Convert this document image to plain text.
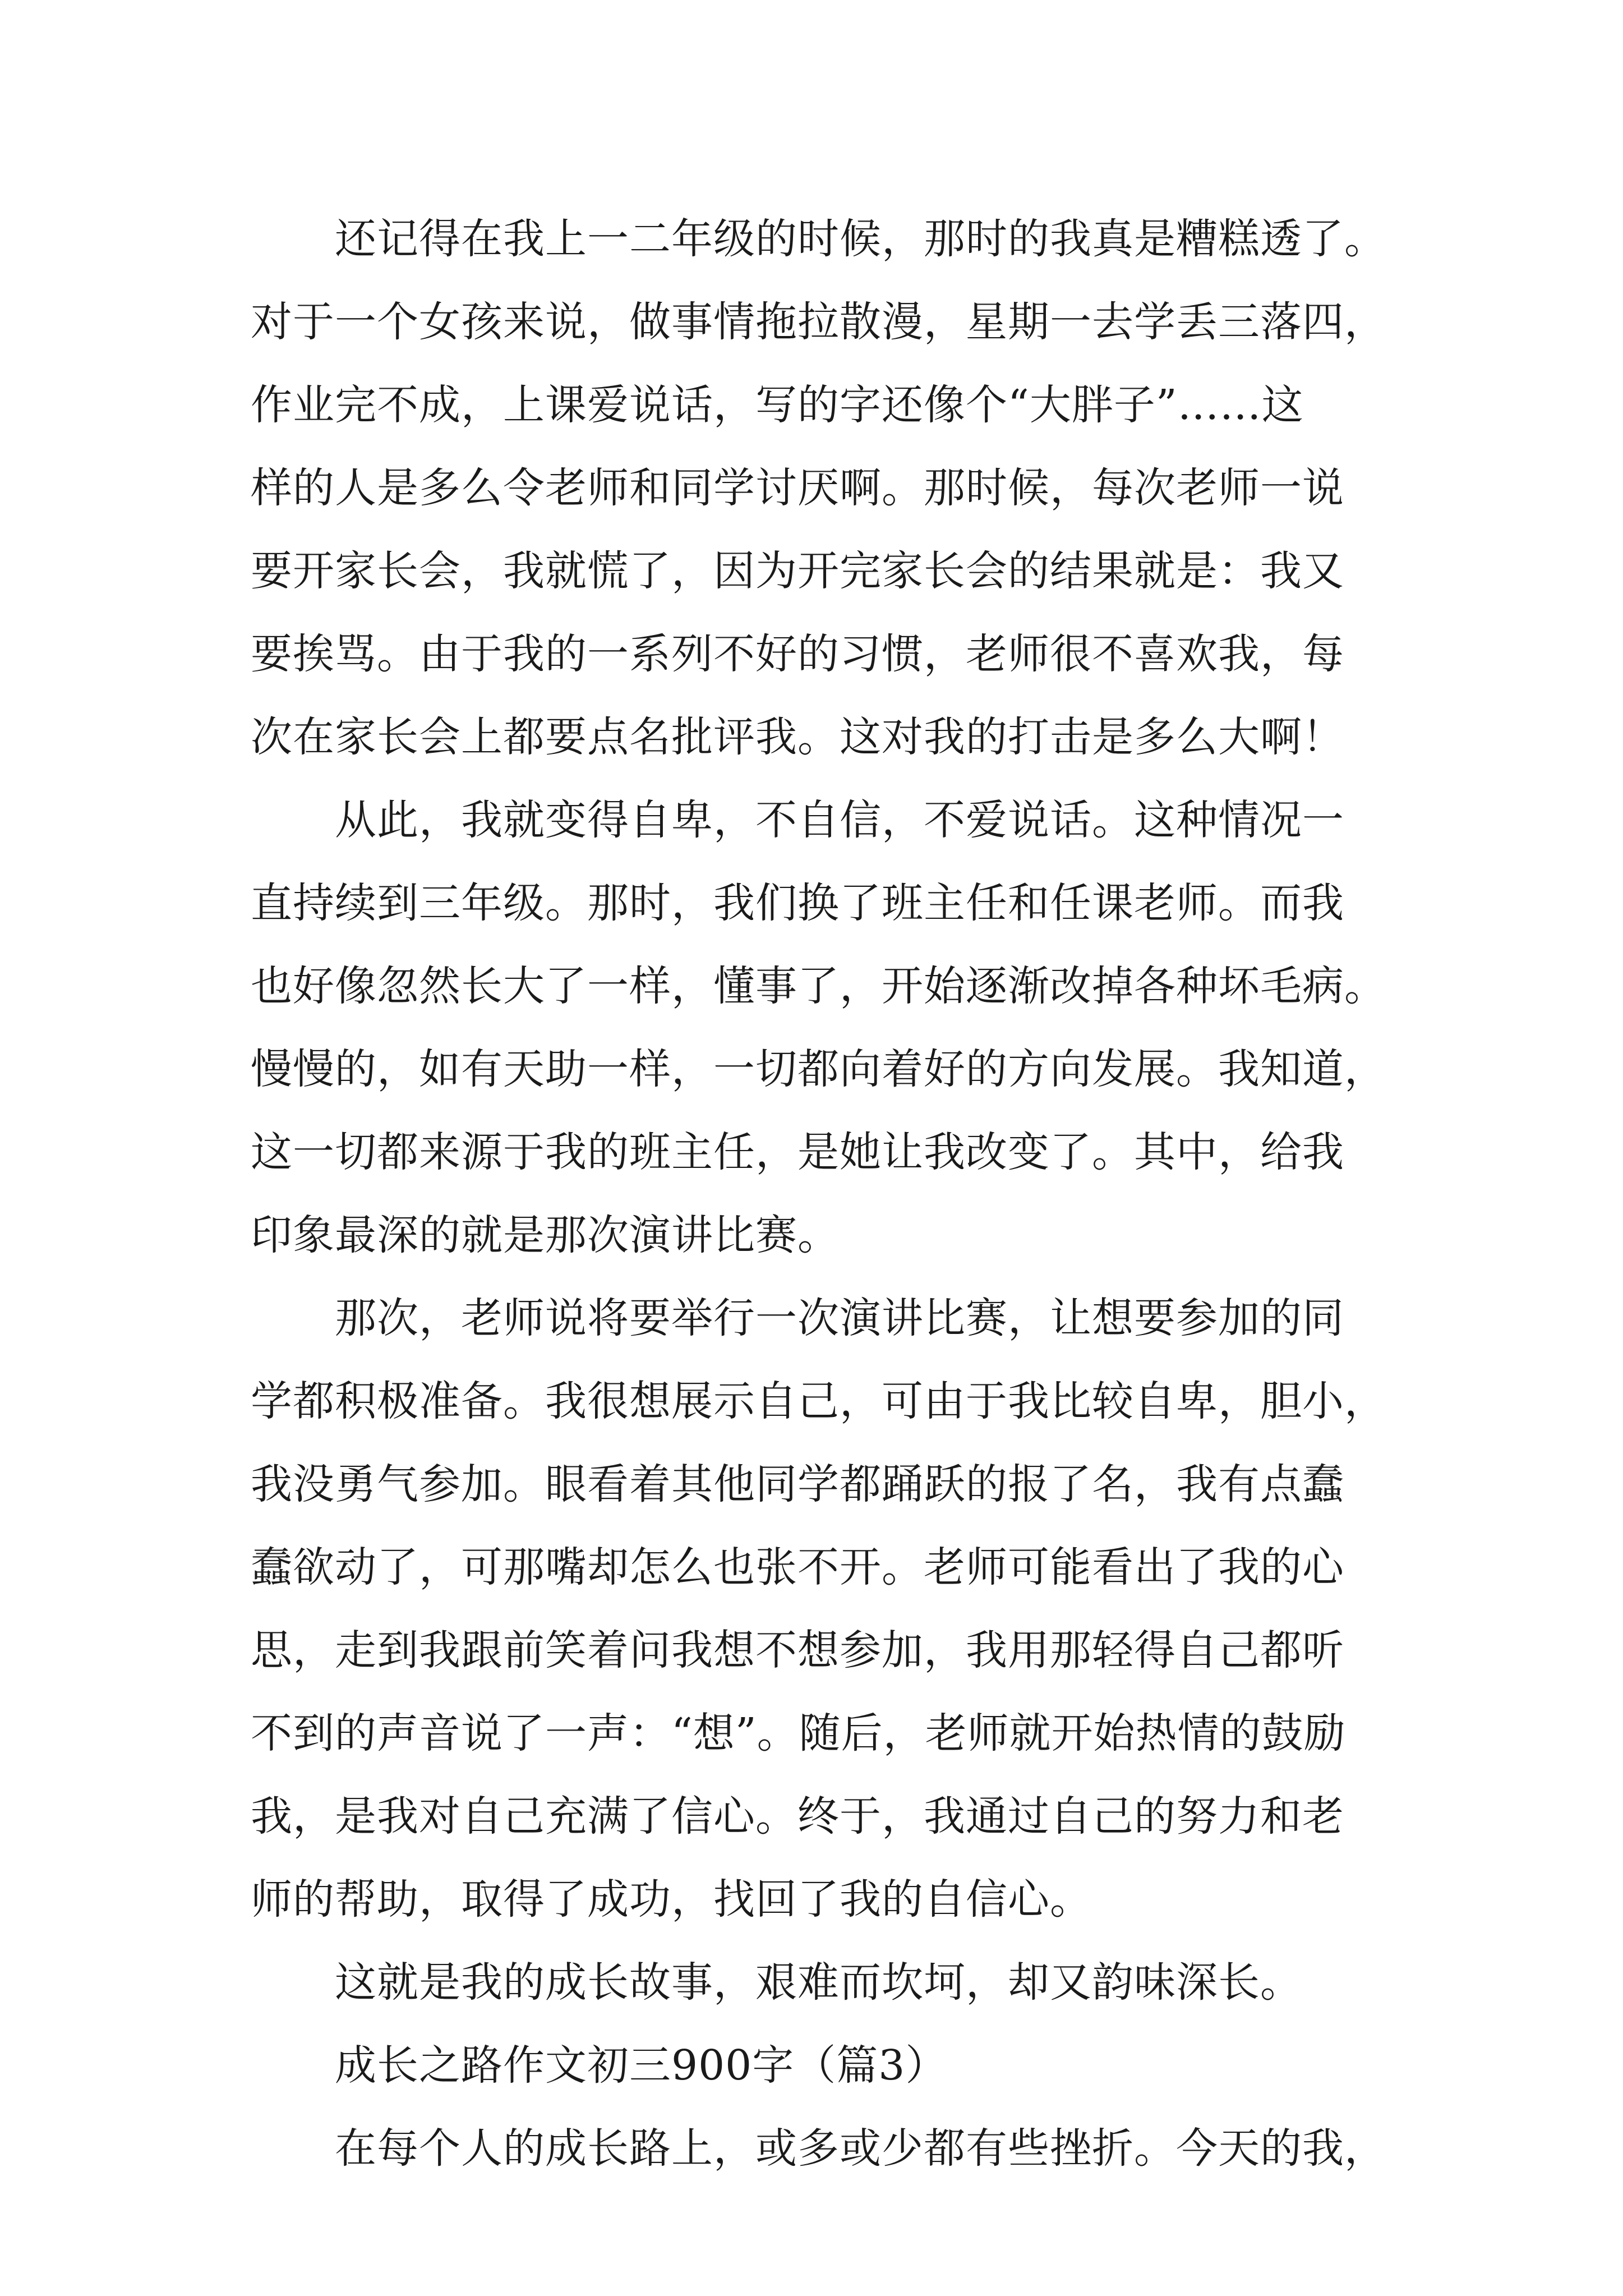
还记得在我上一二年级的时候，那时的我真是糟糕透了。

对于一个女孩来说，做事情拖拉散漫，星期一去学丢三落四，

作业完不成，上课爱说话，写的字还像个“大胖子”……这

样的人是多么令老师和同学讨厌啊。那时候，每次老师一说

要开家长会，我就慌了，因为开完家长会的结果就是：我又

要挨骂。由于我的一系列不好的习惯，老师很不喜欢我，每

次在家长会上都要点名批评我。这对我的打击是多么大啊！

从此，我就变得自卑，不自信，不爱说话。这种情况一

直持续到三年级。那时，我们换了班主任和任课老师。而我

也好像忽然长大了一样，懂事了，开始逐渐改掉各种坏毛病。

慢慢的，如有天助一样，一切都向着好的方向发展。我知道，

这一切都来源于我的班主任，是她让我改变了。其中，给我

印象最深的就是那次演讲比赛。

那次，老师说将要举行一次演讲比赛，让想要参加的同

学都积极准备。我很想展示自己，可由于我比较自卑，胆小，

我没勇气参加。眼看着其他同学都踊跃的报了名，我有点蠢

蠢欲动了，可那嘴却怎么也张不开。老师可能看出了我的心

思，走到我跟前笑着问我想不想参加，我用那轻得自己都听

不到的声音说了一声：“想”。随后，老师就开始热情的鼓励

我，是我对自己充满了信心。终于，我通过自己的努力和老

师的帮助，取得了成功，找回了我的自信心。

这就是我的成长故事，艰难而坎坷，却又韵味深长。

成长之路作文初三900字（篇3）

在每个人的成长路上，或多或少都有些挫折。今天的我，
